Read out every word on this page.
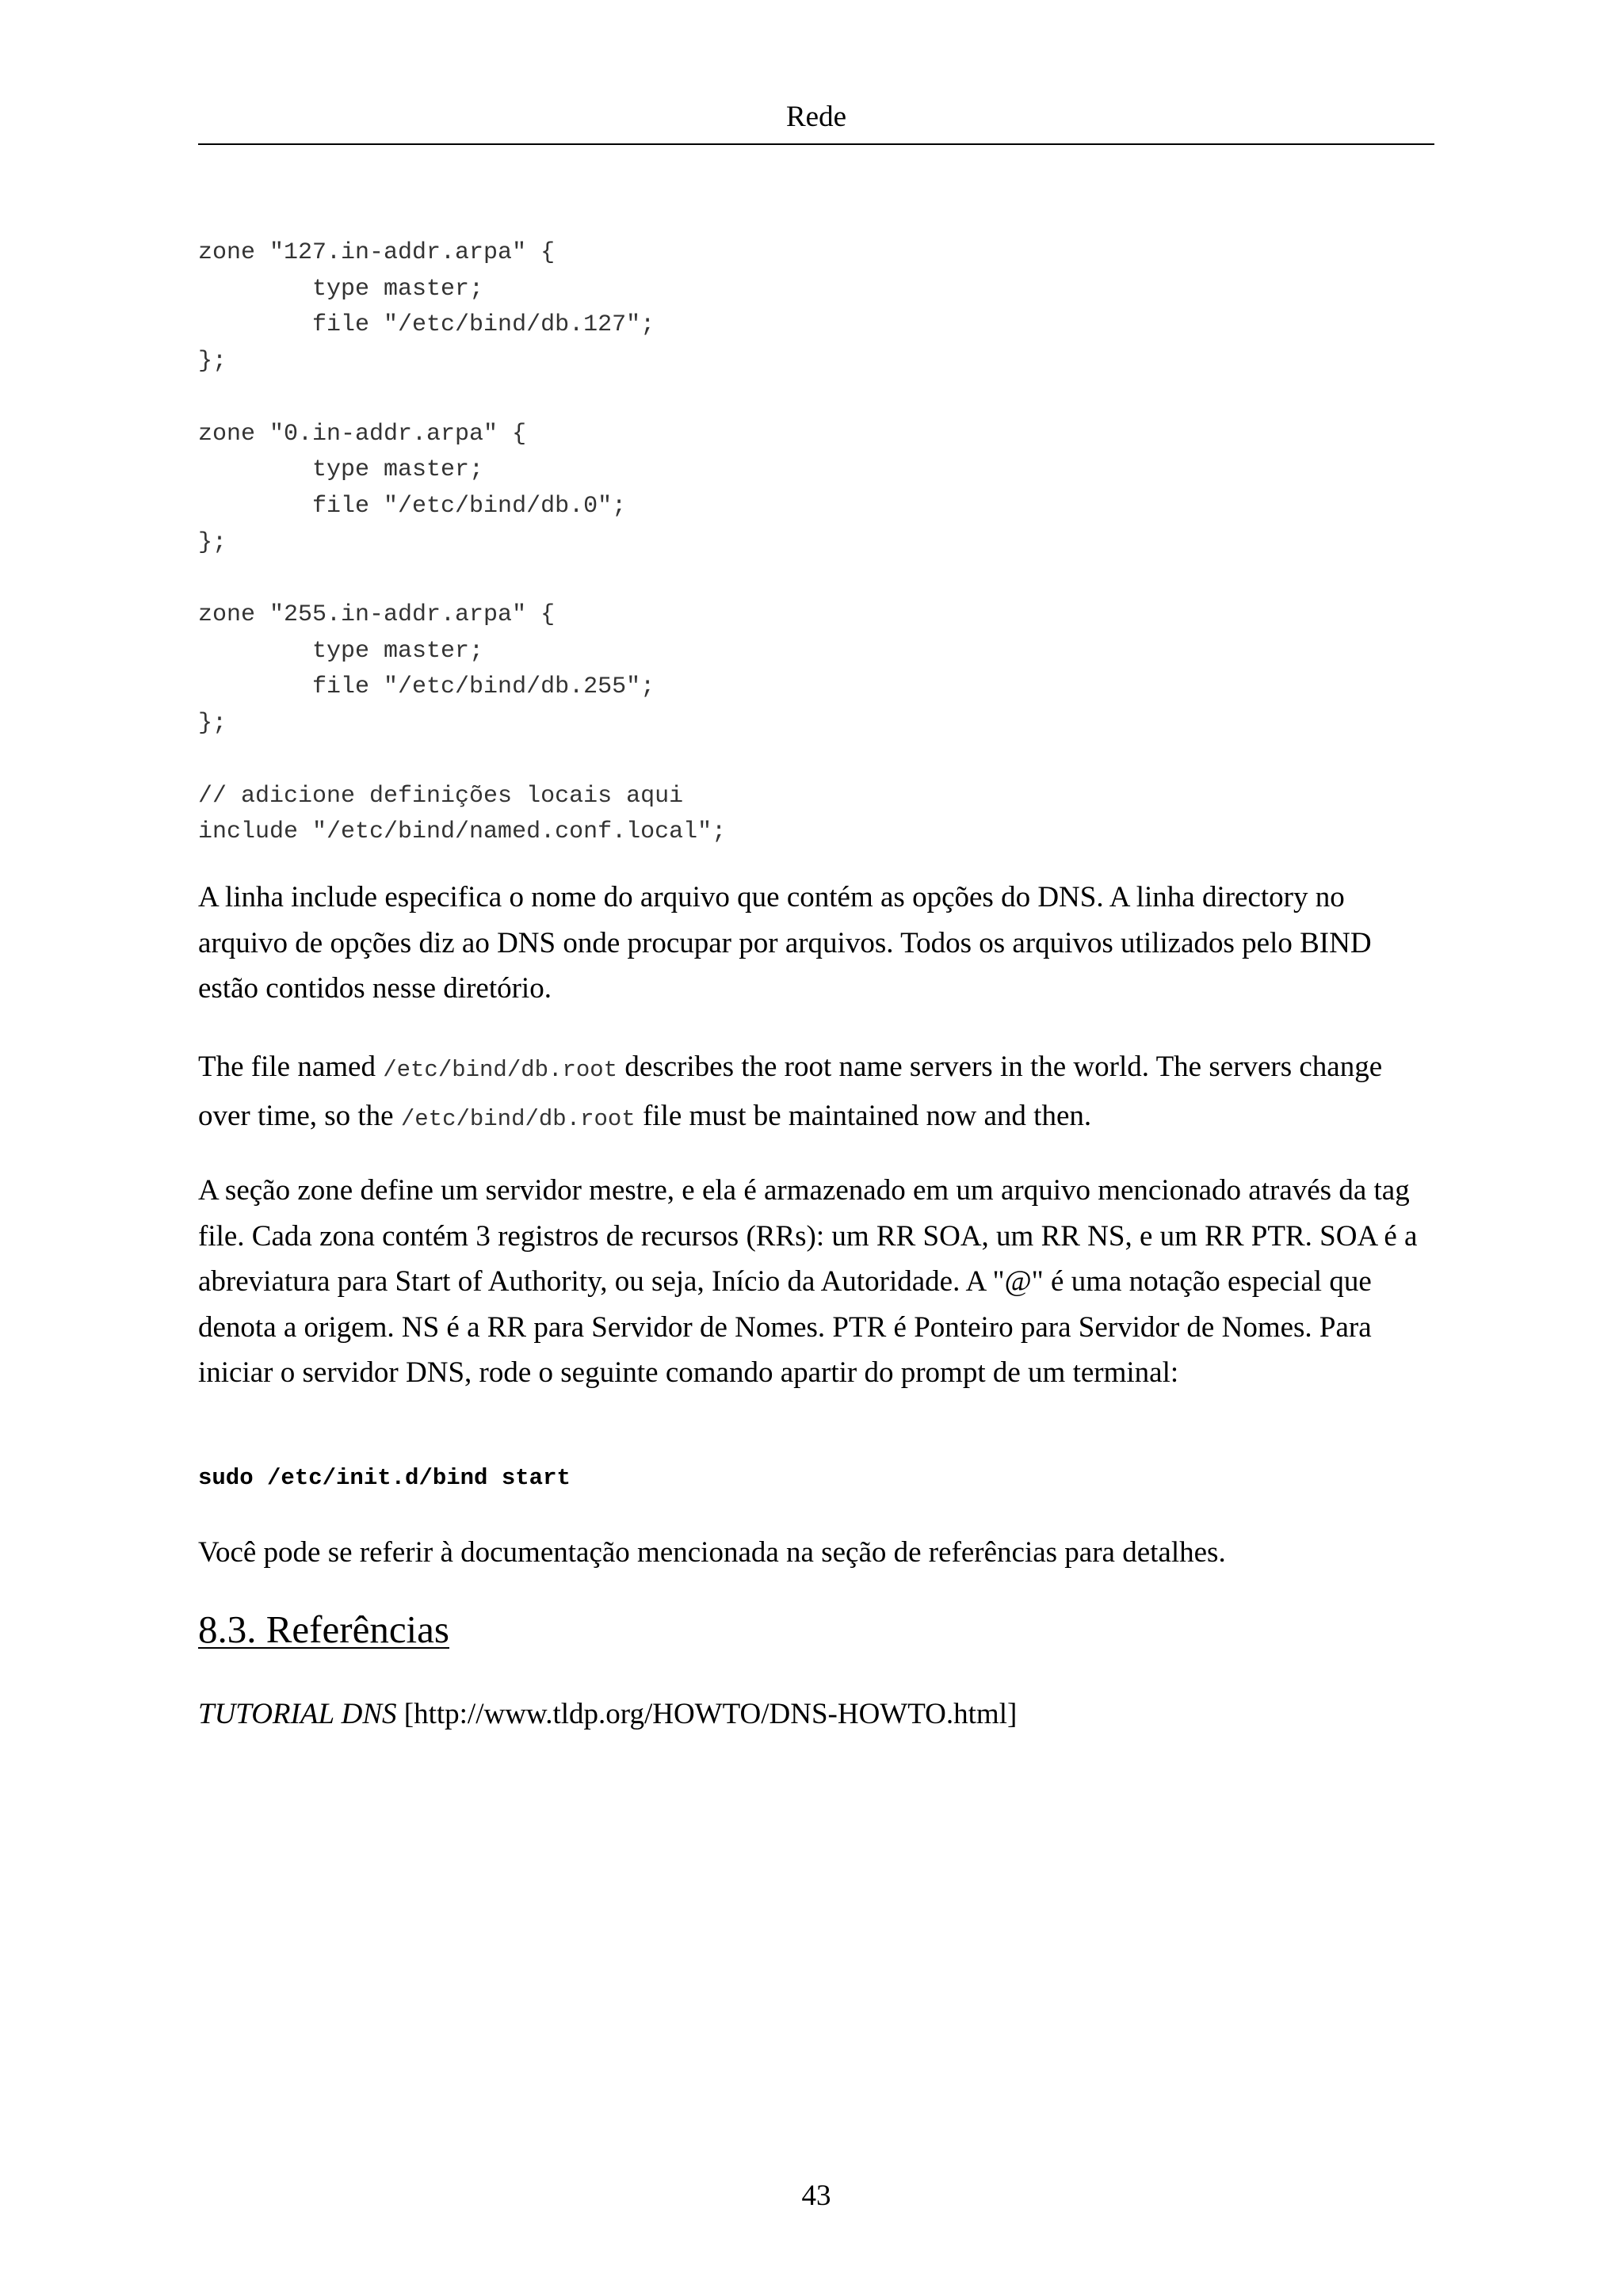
Rede
zone "127.in-addr.arpa" {
type master;
file "/etc/bind/db.127";
};

zone "0.in-addr.arpa" {
type master;
file "/etc/bind/db.0";
};

zone "255.in-addr.arpa" {
type master;
file "/etc/bind/db.255";
};

// adicione definições locais aqui
include "/etc/bind/named.conf.local";

A linha include especifica o nome do arquivo que contém as opções do DNS. A linha directory no arquivo de opções diz ao DNS onde procupar por arquivos. Todos os arquivos utilizados pelo BIND estão contidos nesse diretório.

The file named /etc/bind/db.root describes the root name servers in the world. The servers change over time, so the /etc/bind/db.root file must be maintained now and then.

A seção zone define um servidor mestre, e ela é armazenado em um arquivo mencionado através da tag file. Cada zona contém 3 registros de recursos (RRs): um RR SOA, um RR NS, e um RR PTR. SOA é a abreviatura para Start of Authority, ou seja, Início da Autoridade. A "@" é uma notação especial que denota a origem. NS é a RR para Servidor de Nomes. PTR é Ponteiro para Servidor de Nomes. Para iniciar o servidor DNS, rode o seguinte comando apartir do prompt de um terminal:

sudo /etc/init.d/bind start

Você pode se referir à documentação mencionada na seção de referências para detalhes.

8.3. Referências

TUTORIAL DNS [http://www.tldp.org/HOWTO/DNS-HOWTO.html]

43
